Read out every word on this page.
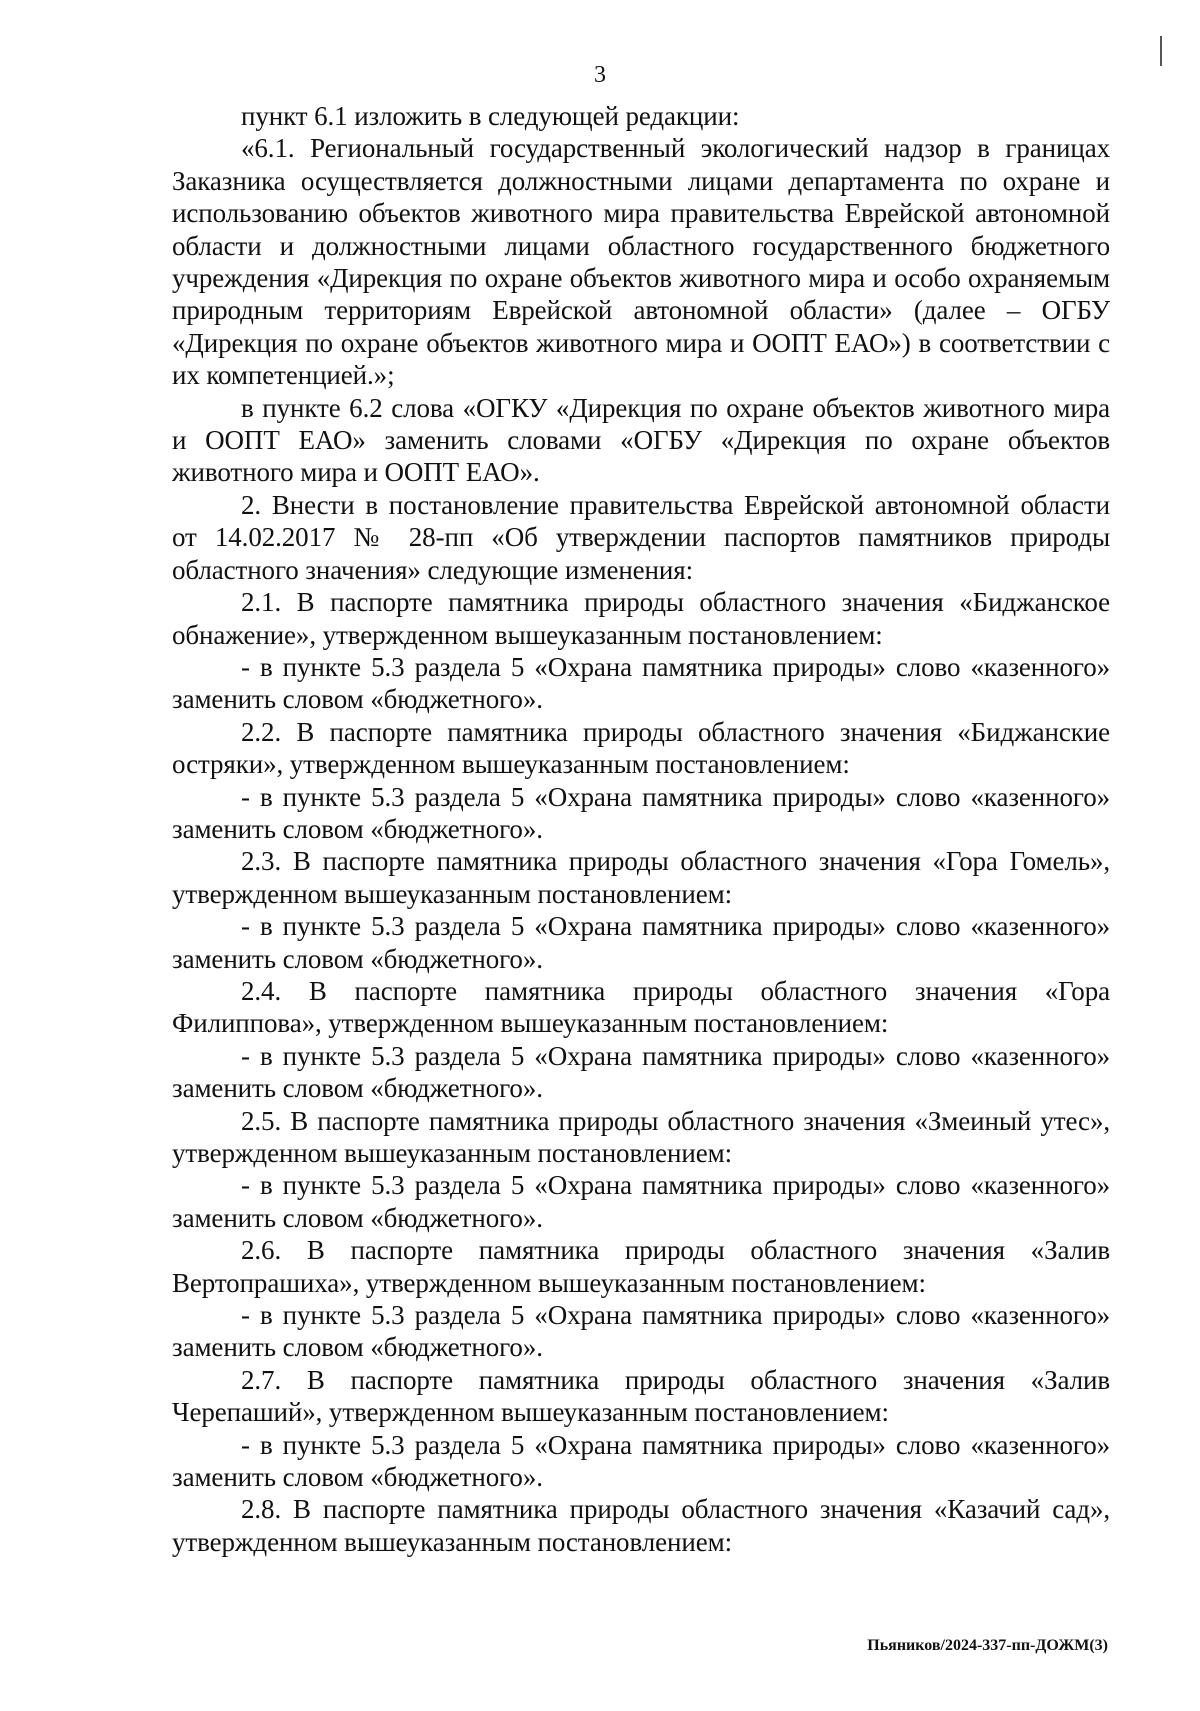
3

пункт 6.1 изложить в следующей редакции:

«6.1. Региональный государственный экологический надзор в границах Заказника осуществляется должностными лицами департамента по охране и использованию объектов животного мира правительства Еврейской автономной области и должностными лицами областного государственного бюджетного учреждения «Дирекция по охране объектов животного мира и особо охраняемым природным территориям Еврейской автономной области» (далее – ОГБУ «Дирекция по охране объектов животного мира и ООПТ ЕАО») в соответствии с их компетенцией.»;

в пункте 6.2 слова «ОГКУ «Дирекция по охране объектов животного мира и ООПТ ЕАО» заменить словами «ОГБУ «Дирекция по охране объектов животного мира и ООПТ ЕАО».

2. Внести в постановление правительства Еврейской автономной области от 14.02.2017 № 28-пп «Об утверждении паспортов памятников природы областного значения» следующие изменения:

2.1. В паспорте памятника природы областного значения «Биджанское обнажение», утвержденном вышеуказанным постановлением:

- в пункте 5.3 раздела 5 «Охрана памятника природы» слово «казенного» заменить словом «бюджетного».

2.2. В паспорте памятника природы областного значения «Биджанские остряки», утвержденном вышеуказанным постановлением:

- в пункте 5.3 раздела 5 «Охрана памятника природы» слово «казенного» заменить словом «бюджетного».

2.3. В паспорте памятника природы областного значения «Гора Гомель», утвержденном вышеуказанным постановлением:

- в пункте 5.3 раздела 5 «Охрана памятника природы» слово «казенного» заменить словом «бюджетного».

2.4. В паспорте памятника природы областного значения «Гора Филиппова», утвержденном вышеуказанным постановлением:

- в пункте 5.3 раздела 5 «Охрана памятника природы» слово «казенного» заменить словом «бюджетного».

2.5. В паспорте памятника природы областного значения «Змеиный утес», утвержденном вышеуказанным постановлением:

- в пункте 5.3 раздела 5 «Охрана памятника природы» слово «казенного» заменить словом «бюджетного».

2.6. В паспорте памятника природы областного значения «Залив Вертопрашиха», утвержденном вышеуказанным постановлением:

- в пункте 5.3 раздела 5 «Охрана памятника природы» слово «казенного» заменить словом «бюджетного».

2.7. В паспорте памятника природы областного значения «Залив Черепаший», утвержденном вышеуказанным постановлением:

- в пункте 5.3 раздела 5 «Охрана памятника природы» слово «казенного» заменить словом «бюджетного».

2.8. В паспорте памятника природы областного значения «Казачий сад», утвержденном вышеуказанным постановлением:

Пьяников/2024-337-пп-ДОЖМ(3)
